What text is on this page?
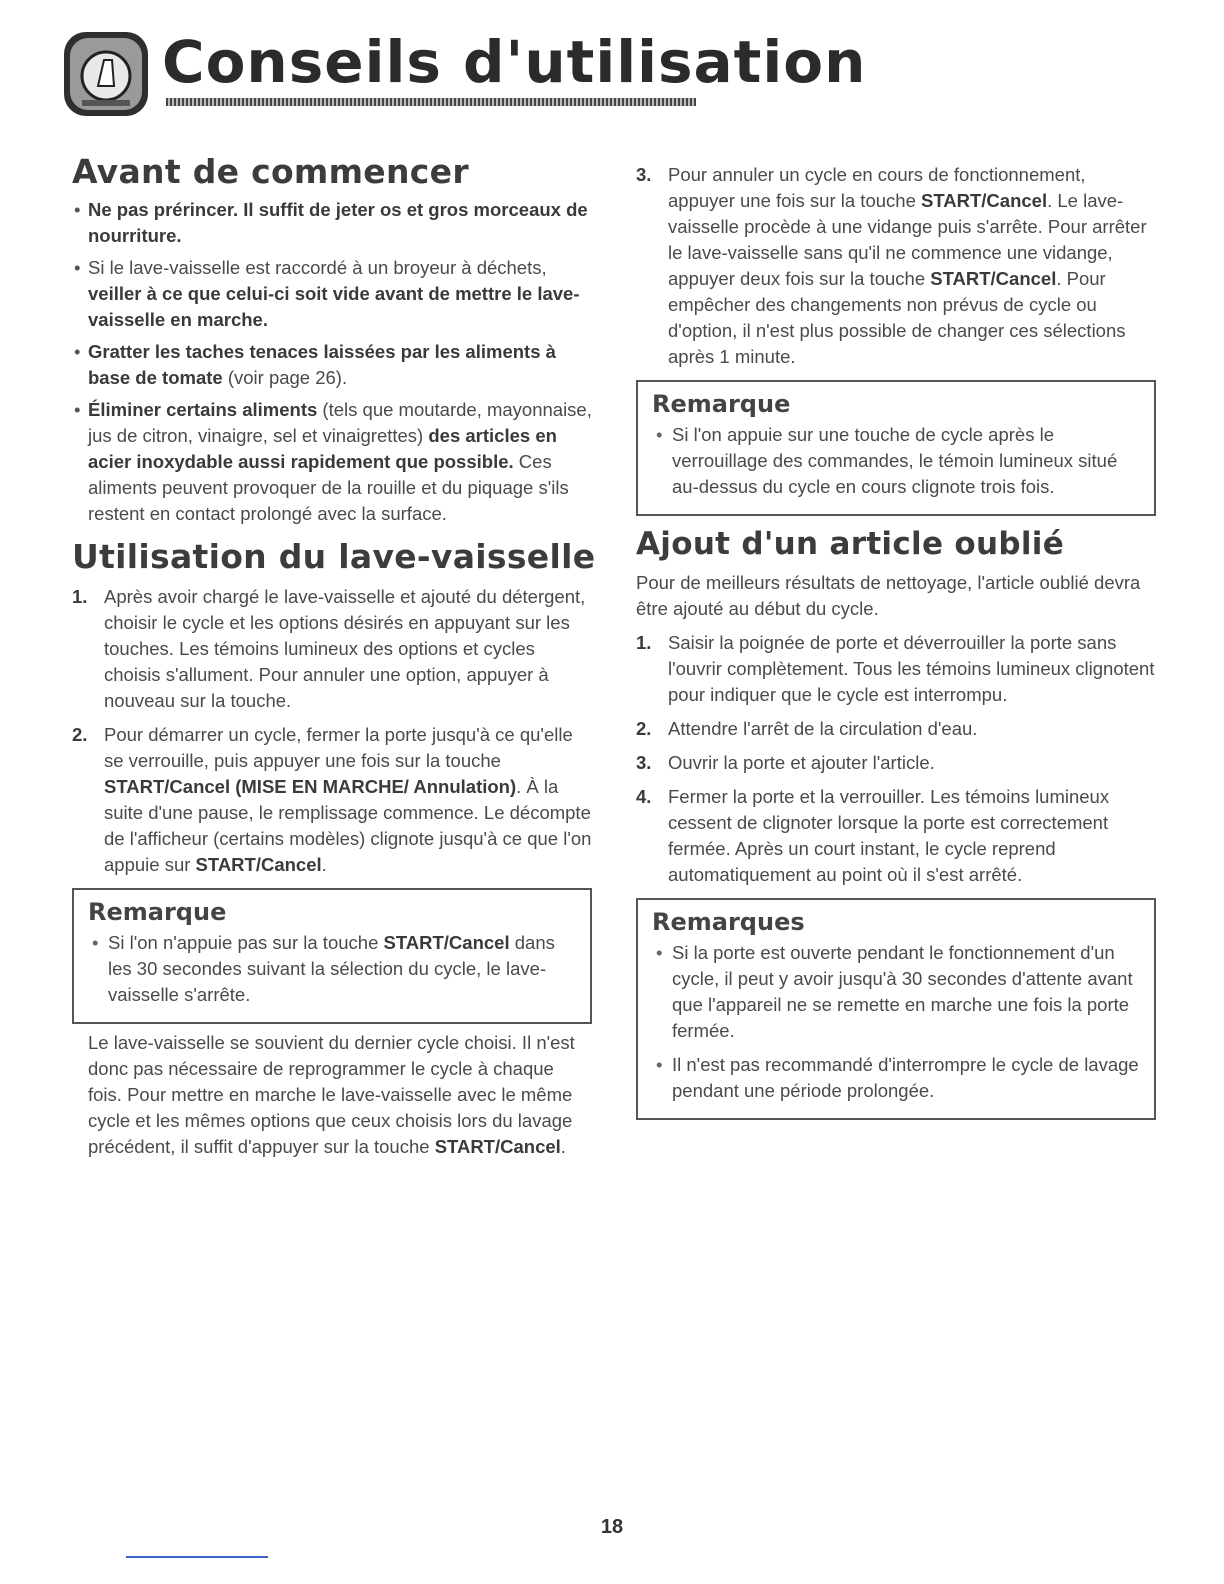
Conseils d'utilisation
Avant de commencer
• Ne pas prérincer. Il suffit de jeter os et gros morceaux de nourriture.
• Si le lave-vaisselle est raccordé à un broyeur à déchets, veiller à ce que celui-ci soit vide avant de mettre le lave-vaisselle en marche.
• Gratter les taches tenaces laissées par les aliments à base de tomate (voir page 26).
• Éliminer certains aliments (tels que moutarde, mayonnaise, jus de citron, vinaigre, sel et vinaigrettes) des articles en acier inoxydable aussi rapidement que possible. Ces aliments peuvent provoquer de la rouille et du piquage s'ils restent en contact prolongé avec la surface.
Utilisation du lave-vaisselle
1. Après avoir chargé le lave-vaisselle et ajouté du détergent, choisir le cycle et les options désirés en appuyant sur les touches. Les témoins lumineux des options et cycles choisis s'allument. Pour annuler une option, appuyer à nouveau sur la touche.
2. Pour démarrer un cycle, fermer la porte jusqu'à ce qu'elle se verrouille, puis appuyer une fois sur la touche START/Cancel (MISE EN MARCHE/ Annulation). À la suite d'une pause, le remplissage commence. Le décompte de l'afficheur (certains modèles) clignote jusqu'à ce que l'on appuie sur START/Cancel.
Remarque
• Si l'on n'appuie pas sur la touche START/Cancel dans les 30 secondes suivant la sélection du cycle, le lave-vaisselle s'arrête.

Le lave-vaisselle se souvient du dernier cycle choisi. Il n'est donc pas nécessaire de reprogrammer le cycle à chaque fois. Pour mettre en marche le lave-vaisselle avec le même cycle et les mêmes options que ceux choisis lors du lavage précédent, il suffit d'appuyer sur la touche START/Cancel.

3. Pour annuler un cycle en cours de fonctionnement, appuyer une fois sur la touche START/Cancel. Le lave-vaisselle procède à une vidange puis s'arrête. Pour arrêter le lave-vaisselle sans qu'il ne commence une vidange, appuyer deux fois sur la touche START/Cancel. Pour empêcher des changements non prévus de cycle ou d'option, il n'est plus possible de changer ces sélections après 1 minute.
Remarque
• Si l'on appuie sur une touche de cycle après le verrouillage des commandes, le témoin lumineux situé au-dessus du cycle en cours clignote trois fois.
Ajout d'un article oublié

Pour de meilleurs résultats de nettoyage, l'article oublié devra être ajouté au début du cycle.

1. Saisir la poignée de porte et déverrouiller la porte sans l'ouvrir complètement. Tous les témoins lumineux clignotent pour indiquer que le cycle est interrompu.
2. Attendre l'arrêt de la circulation d'eau.
3. Ouvrir la porte et ajouter l'article.
4. Fermer la porte et la verrouiller. Les témoins lumineux cessent de clignoter lorsque la porte est correctement fermée. Après un court instant, le cycle reprend automatiquement au point où il s'est arrêté.
Remarques
• Si la porte est ouverte pendant le fonctionnement d'un cycle, il peut y avoir jusqu'à 30 secondes d'attente avant que l'appareil ne se remette en marche une fois la porte fermée.
• Il n'est pas recommandé d'interrompre le cycle de lavage pendant une période prolongée.
18
